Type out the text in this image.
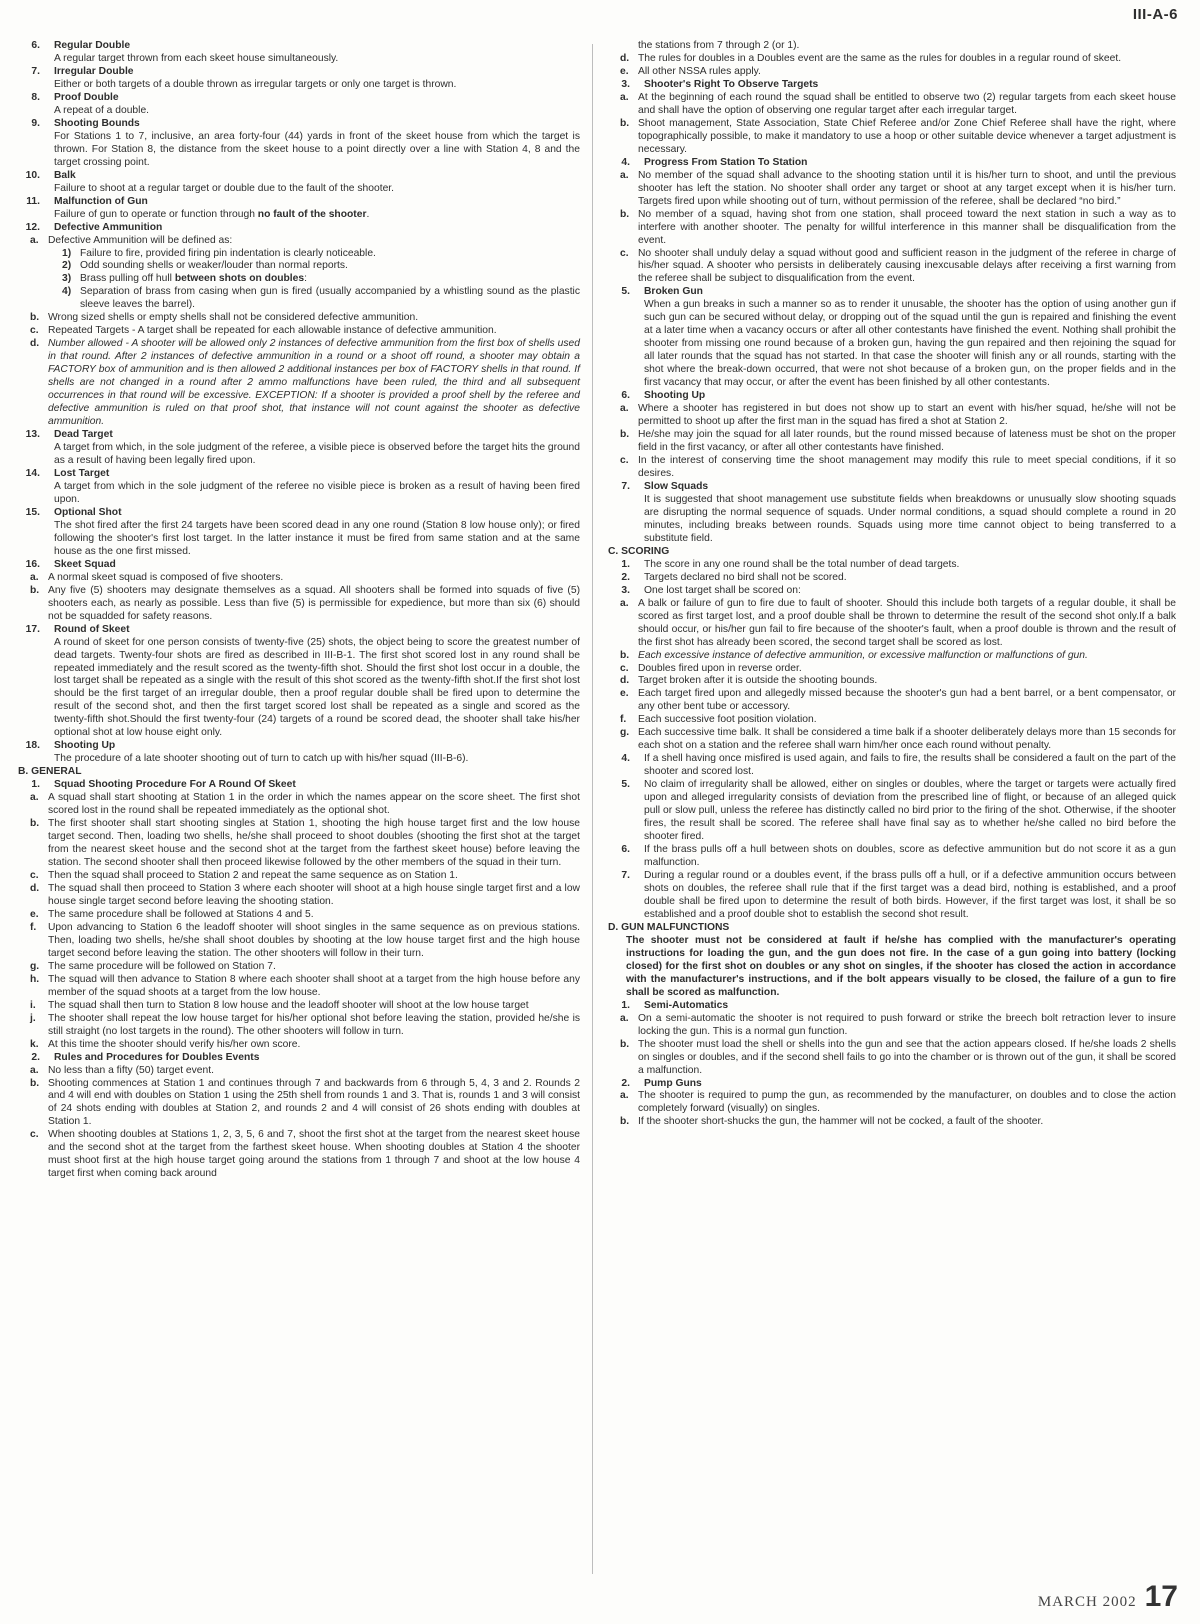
III-A-6
6. Regular Double
A regular target thrown from each skeet house simultaneously.
7. Irregular Double
Either or both targets of a double thrown as irregular targets or only one target is thrown.
8. Proof Double
A repeat of a double.
9. Shooting Bounds
For Stations 1 to 7, inclusive, an area forty-four (44) yards in front of the skeet house from which the target is thrown. For Station 8, the distance from the skeet house to a point directly over a line with Station 4, 8 and the target crossing point.
10. Balk
Failure to shoot at a regular target or double due to the fault of the shooter.
11. Malfunction of Gun
Failure of gun to operate or function through no fault of the shooter.
12. Defective Ammunition
a. Defective Ammunition will be defined as:
1) Failure to fire, provided firing pin indentation is clearly noticeable.
2) Odd sounding shells or weaker/louder than normal reports.
3) Brass pulling off hull between shots on doubles:
4) Separation of brass from casing when gun is fired (usually accompanied by a whistling sound as the plastic sleeve leaves the barrel).
b. Wrong sized shells or empty shells shall not be considered defective ammunition.
c. Repeated Targets - A target shall be repeated for each allowable instance of defective ammunition.
d. Number allowed - A shooter will be allowed only 2 instances of defective ammunition from the first box of shells used in that round. After 2 instances of defective ammunition in a round or a shoot off round, a shooter may obtain a FACTORY box of ammunition and is then allowed 2 additional instances per box of FACTORY shells in that round. If shells are not changed in a round after 2 ammo malfunctions have been ruled, the third and all subsequent occurrences in that round will be excessive. EXCEPTION: If a shooter is provided a proof shell by the referee and defective ammunition is ruled on that proof shot, that instance will not count against the shooter as defective ammunition.
13. Dead Target
A target from which, in the sole judgment of the referee, a visible piece is observed before the target hits the ground as a result of having been legally fired upon.
14. Lost Target
A target from which in the sole judgment of the referee no visible piece is broken as a result of having been fired upon.
15. Optional Shot
The shot fired after the first 24 targets have been scored dead in any one round (Station 8 low house only); or fired following the shooter's first lost target. In the latter instance it must be fired from same station and at the same house as the one first missed.
16. Skeet Squad
a. A normal skeet squad is composed of five shooters.
b. Any five (5) shooters may designate themselves as a squad. All shooters shall be formed into squads of five (5) shooters each, as nearly as possible. Less than five (5) is permissible for expedience, but more than six (6) should not be squadded for safety reasons.
17. Round of Skeet
A round of skeet for one person consists of twenty-five (25) shots, the object being to score the greatest number of dead targets. Twenty-four shots are fired as described in III-B-1. The first shot scored lost in any round shall be repeated immediately and the result scored as the twenty-fifth shot. Should the first shot lost occur in a double, the lost target shall be repeated as a single with the result of this shot scored as the twenty-fifth shot.If the first shot lost should be the first target of an irregular double, then a proof regular double shall be fired upon to determine the result of the second shot, and then the first target scored lost shall be repeated as a single and scored as the twenty-fifth shot.Should the first twenty-four (24) targets of a round be scored dead, the shooter shall take his/her optional shot at low house eight only.
18. Shooting Up
The procedure of a late shooter shooting out of turn to catch up with his/her squad (III-B-6).
B. GENERAL
1. Squad Shooting Procedure For A Round Of Skeet
a. A squad shall start shooting at Station 1 in the order in which the names appear on the score sheet. The first shot scored lost in the round shall be repeated immediately as the optional shot.
b. The first shooter shall start shooting singles at Station 1, shooting the high house target first and the low house target second. Then, loading two shells, he/she shall proceed to shoot doubles (shooting the first shot at the target from the nearest skeet house and the second shot at the target from the farthest skeet house) before leaving the station. The second shooter shall then proceed likewise followed by the other members of the squad in their turn.
c. Then the squad shall proceed to Station 2 and repeat the same sequence as on Station 1.
d. The squad shall then proceed to Station 3 where each shooter will shoot at a high house single target first and a low house single target second before leaving the shooting station.
e. The same procedure shall be followed at Stations 4 and 5.
f. Upon advancing to Station 6 the leadoff shooter will shoot singles in the same sequence as on previous stations. Then, loading two shells, he/she shall shoot doubles by shooting at the low house target first and the high house target second before leaving the station. The other shooters will follow in their turn.
g. The same procedure will be followed on Station 7.
h. The squad will then advance to Station 8 where each shooter shall shoot at a target from the high house before any member of the squad shoots at a target from the low house.
i. The squad shall then turn to Station 8 low house and the leadoff shooter will shoot at the low house target
j. The shooter shall repeat the low house target for his/her optional shot before leaving the station, provided he/she is still straight (no lost targets in the round). The other shooters will follow in turn.
k. At this time the shooter should verify his/her own score.
2. Rules and Procedures for Doubles Events
a. No less than a fifty (50) target event.
b. Shooting commences at Station 1 and continues through 7 and backwards from 6 through 5, 4, 3 and 2. Rounds 2 and 4 will end with doubles on Station 1 using the 25th shell from rounds 1 and 3. That is, rounds 1 and 3 will consist of 24 shots ending with doubles at Station 2, and rounds 2 and 4 will consist of 26 shots ending with doubles at Station 1.
c. When shooting doubles at Stations 1, 2, 3, 5, 6 and 7, shoot the first shot at the target from the nearest skeet house and the second shot at the target from the farthest skeet house. When shooting doubles at Station 4 the shooter must shoot first at the high house target going around the stations from 1 through 7 and shoot at the low house 4 target first when coming back around
the stations from 7 through 2 (or 1).
d. The rules for doubles in a Doubles event are the same as the rules for doubles in a regular round of skeet.
e. All other NSSA rules apply.
3. Shooter's Right To Observe Targets
a. At the beginning of each round the squad shall be entitled to observe two (2) regular targets from each skeet house and shall have the option of observing one regular target after each irregular target.
b. Shoot management, State Association, State Chief Referee and/or Zone Chief Referee shall have the right, where topographically possible, to make it mandatory to use a hoop or other suitable device whenever a target adjustment is necessary.
4. Progress From Station To Station
a. No member of the squad shall advance to the shooting station until it is his/her turn to shoot, and until the previous shooter has left the station. No shooter shall order any target or shoot at any target except when it is his/her turn. Targets fired upon while shooting out of turn, without permission of the referee, shall be declared “no bird.”
b. No member of a squad, having shot from one station, shall proceed toward the next station in such a way as to interfere with another shooter. The penalty for willful interference in this manner shall be disqualification from the event.
c. No shooter shall unduly delay a squad without good and sufficient reason in the judgment of the referee in charge of his/her squad. A shooter who persists in deliberately causing inexcusable delays after receiving a first warning from the referee shall be subject to disqualification from the event.
5. Broken Gun
When a gun breaks in such a manner so as to render it unusable, the shooter has the option of using another gun if such gun can be secured without delay, or dropping out of the squad until the gun is repaired and finishing the event at a later time when a vacancy occurs or after all other contestants have finished the event. Nothing shall prohibit the shooter from missing one round because of a broken gun, having the gun repaired and then rejoining the squad for all later rounds that the squad has not started. In that case the shooter will finish any or all rounds, starting with the shot where the break-down occurred, that were not shot because of a broken gun, on the proper fields and in the first vacancy that may occur, or after the event has been finished by all other contestants.
6. Shooting Up
a. Where a shooter has registered in but does not show up to start an event with his/her squad, he/she will not be permitted to shoot up after the first man in the squad has fired a shot at Station 2.
b. He/she may join the squad for all later rounds, but the round missed because of lateness must be shot on the proper field in the first vacancy, or after all other contestants have finished.
c. In the interest of conserving time the shoot management may modify this rule to meet special conditions, if it so desires.
7. Slow Squads
It is suggested that shoot management use substitute fields when breakdowns or unusually slow shooting squads are disrupting the normal sequence of squads. Under normal conditions, a squad should complete a round in 20 minutes, including breaks between rounds. Squads using more time cannot object to being transferred to a substitute field.
C. SCORING
1. The score in any one round shall be the total number of dead targets.
2. Targets declared no bird shall not be scored.
3. One lost target shall be scored on:
a. A balk or failure of gun to fire due to fault of shooter. Should this include both targets of a regular double, it shall be scored as first target lost, and a proof double shall be thrown to determine the result of the second shot only.If a balk should occur, or his/her gun fail to fire because of the shooter's fault, when a proof double is thrown and the result of the first shot has already been scored, the second target shall be scored as lost.
b. Each excessive instance of defective ammunition, or excessive malfunction or malfunctions of gun.
c. Doubles fired upon in reverse order.
d. Target broken after it is outside the shooting bounds.
e. Each target fired upon and allegedly missed because the shooter's gun had a bent barrel, or a bent compensator, or any other bent tube or accessory.
f. Each successive foot position violation.
g. Each successive time balk. It shall be considered a time balk if a shooter deliberately delays more than 15 seconds for each shot on a station and the referee shall warn him/her once each round without penalty.
4. If a shell having once misfired is used again, and fails to fire, the results shall be considered a fault on the part of the shooter and scored lost.
5. No claim of irregularity shall be allowed, either on singles or doubles, where the target or targets were actually fired upon and alleged irregularity consists of deviation from the prescribed line of flight, or because of an alleged quick pull or slow pull, unless the referee has distinctly called no bird prior to the firing of the shot. Otherwise, if the shooter fires, the result shall be scored. The referee shall have final say as to whether he/she called no bird before the shooter fired.
6. If the brass pulls off a hull between shots on doubles, score as defective ammunition but do not score it as a gun malfunction.
7. During a regular round or a doubles event, if the brass pulls off a hull, or if a defective ammunition occurs between shots on doubles, the referee shall rule that if the first target was a dead bird, nothing is established, and a proof double shall be fired upon to determine the result of both birds. However, if the first target was lost, it shall be so established and a proof double shot to establish the second shot result.
D. GUN MALFUNCTIONS
The shooter must not be considered at fault if he/she has complied with the manufacturer's operating instructions for loading the gun, and the gun does not fire. In the case of a gun going into battery (locking closed) for the first shot on doubles or any shot on singles, if the shooter has closed the action in accordance with the manufacturer's instructions, and if the bolt appears visually to be closed, the failure of a gun to fire shall be scored as malfunction.
1. Semi-Automatics
a. On a semi-automatic the shooter is not required to push forward or strike the breech bolt retraction lever to insure locking the gun. This is a normal gun function.
b. The shooter must load the shell or shells into the gun and see that the action appears closed. If he/she loads 2 shells on singles or doubles, and if the second shell fails to go into the chamber or is thrown out of the gun, it shall be scored a malfunction.
2. Pump Guns
a. The shooter is required to pump the gun, as recommended by the manufacturer, on doubles and to close the action completely forward (visually) on singles.
b. If the shooter short-shucks the gun, the hammer will not be cocked, a fault of the shooter.
MARCH 2002 17
